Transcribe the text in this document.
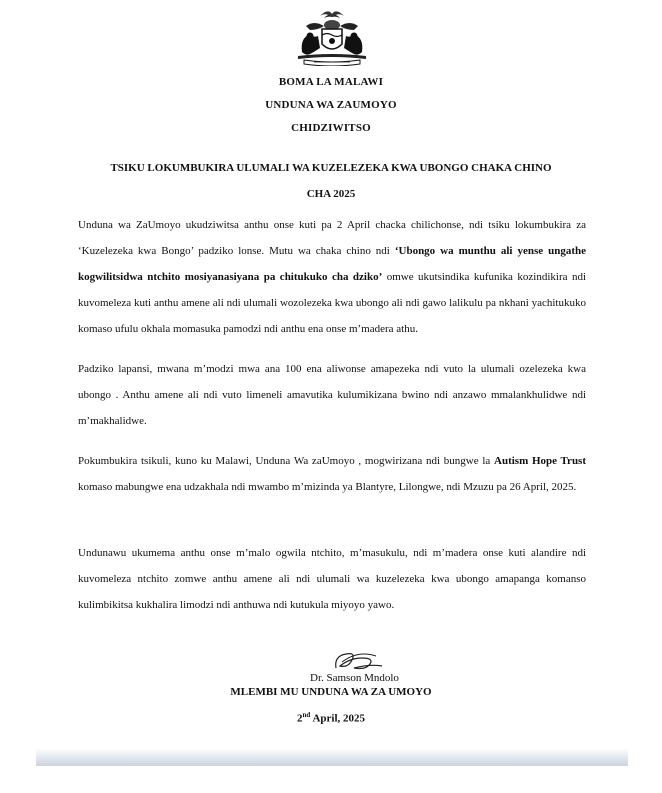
BOMA LA MALAWI
UNDUNA WA ZAUMOYO
CHIDZIWITSO
TSIKU LOKUMBUKIRA ULUMALI WA KUZELEZEKA KWA UBONGO CHAKA CHINO
CHA 2025
Unduna wa ZaUmoyo ukudziwitsa anthu onse kuti pa 2 April chacka chilichonse, ndi tsiku lokumbukira za ‘Kuzelezeka kwa Bongo’ padziko lonse. Mutu wa chaka chino ndi ‘Ubongo wa munthu ali yense ungathe kogwilitsidwa ntchito mosiyanasiyana pa chitukuko cha dziko’ omwe ukutsindika kufunika kozindikira ndi kuvomeleza kuti anthu amene ali ndi ulumali wozolezeka kwa ubongo ali ndi gawo lalikulu pa nkhani yachitukuko komaso ufulu okhala momasuka pamodzi ndi anthu ena onse m’madera athu.
Padziko lapansi, mwana m’modzi mwa ana 100 ena aliwonse amapezeka ndi vuto la ulumali ozelezeka kwa ubongo . Anthu amene ali ndi vuto limeneli amavutika kulumikizana bwino ndi anzawo mmalankhulidwe ndi m’makhalidwe.
Pokumbukira tsikuli, kuno ku Malawi, Unduna Wa zaUmoyo , mogwirizana ndi bungwe la Autism Hope Trust komaso mabungwe ena udzakhala ndi mwambo m’mizinda ya Blantyre, Lilongwe, ndi Mzuzu pa 26 April, 2025.
Undunawu ukumema anthu onse m’malo ogwila ntchito, m’masukulu, ndi m’madera onse kuti alandire ndi kuvomeleza ntchito zomwe anthu amene ali ndi ulumali wa kuzelezeka kwa ubongo amapanga komanso kulimbikitsa kukhalira limodzi ndi anthuwa ndi kutukula miyoyo yawo.
Dr. Samson Mndolo
MLEMBI MU UNDUNA WA ZA UMOYO
2nd April, 2025
